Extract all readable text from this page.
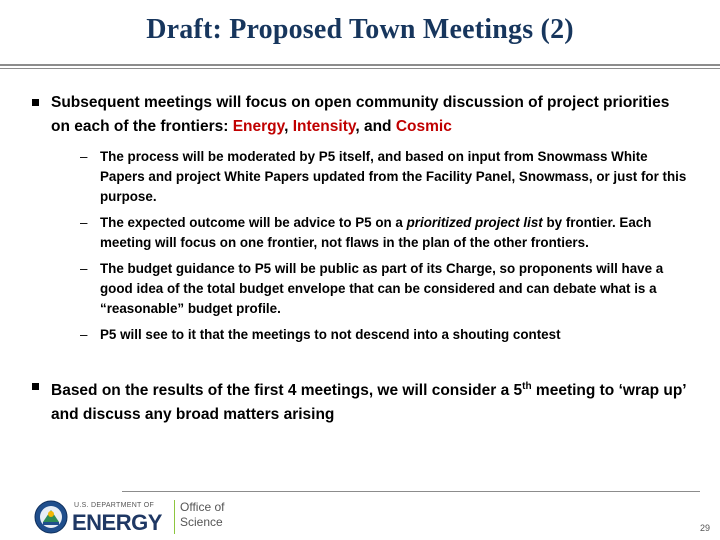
Draft: Proposed Town Meetings (2)
Subsequent meetings will focus on open community discussion of project priorities on each of the frontiers: Energy, Intensity, and Cosmic
– The process will be moderated by P5 itself, and based on input from Snowmass White Papers and project White Papers updated from the Facility Panel, Snowmass, or just for this purpose.
– The expected outcome will be advice to P5 on a prioritized project list by frontier. Each meeting will focus on one frontier, not flaws in the plan of the other frontiers.
– The budget guidance to P5 will be public as part of its Charge, so proponents will have a good idea of the total budget envelope that can be considered and can debate what is a “reasonable” budget profile.
– P5 will see to it that the meetings to not descend into a shouting contest
Based on the results of the first 4 meetings, we will consider a 5th meeting to ‘wrap up’ and discuss any broad matters arising
U.S. DEPARTMENT OF
ENERGY
Office of
Science	29
